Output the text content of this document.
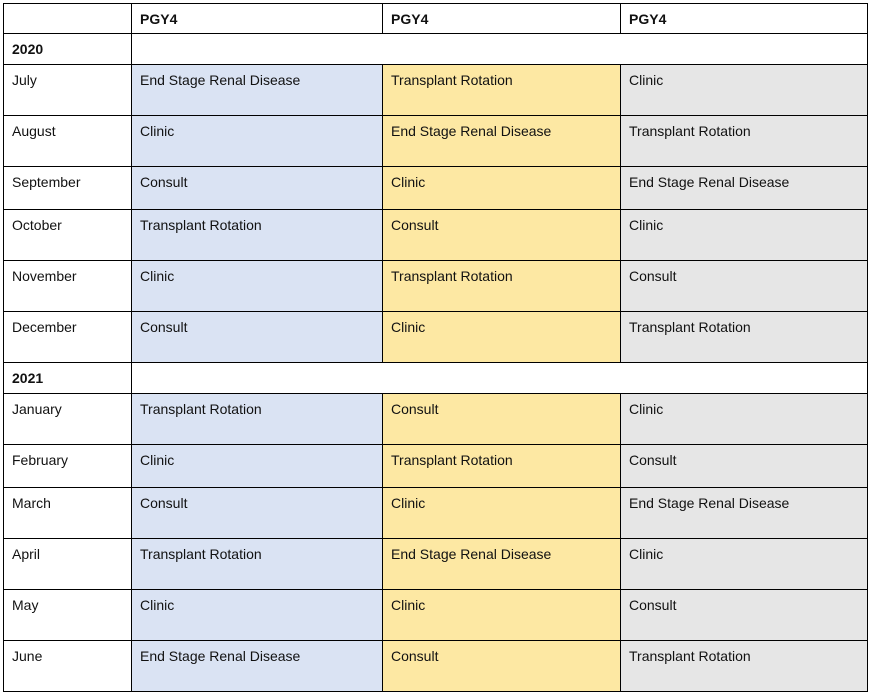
	PGY4	PGY4	PGY4
2020			
July	End Stage Renal Disease	Transplant Rotation	Clinic
August	Clinic	End Stage Renal Disease	Transplant Rotation
September	Consult	Clinic	End Stage Renal Disease
October	Transplant Rotation	Consult	Clinic
November	Clinic	Transplant Rotation	Consult
December	Consult	Clinic	Transplant Rotation
2021			
January	Transplant Rotation	Consult	Clinic
February	Clinic	Transplant Rotation	Consult
March	Consult	Clinic	End Stage Renal Disease
April	Transplant Rotation	End Stage Renal Disease	Clinic
May	Clinic	Clinic	Consult
June	End Stage Renal Disease	Consult	Transplant Rotation
